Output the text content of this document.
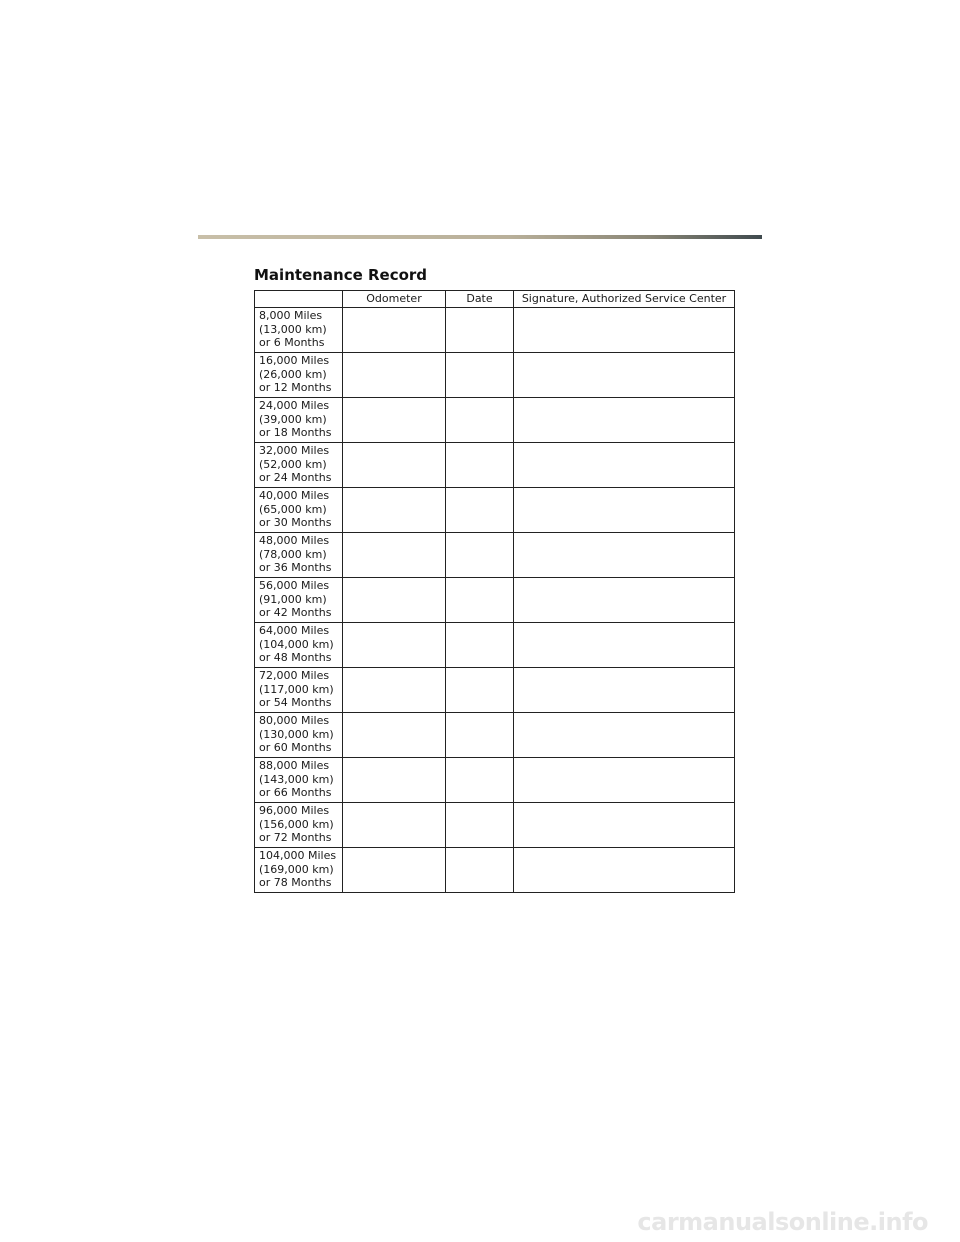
Maintenance Record
	Odometer	Date	Signature, Authorized Service Center

8,000 Miles
(13,000 km)
or 6 Months			

16,000 Miles
(26,000 km)
or 12 Months			

24,000 Miles
(39,000 km)
or 18 Months			

32,000 Miles
(52,000 km)
or 24 Months			

40,000 Miles
(65,000 km)
or 30 Months			

48,000 Miles
(78,000 km)
or 36 Months			

56,000 Miles
(91,000 km)
or 42 Months			

64,000 Miles
(104,000 km)
or 48 Months			

72,000 Miles
(117,000 km)
or 54 Months			

80,000 Miles
(130,000 km)
or 60 Months			

88,000 Miles
(143,000 km)
or 66 Months			

96,000 Miles
(156,000 km)
or 72 Months			

104,000 Miles
(169,000 km)
or 78 Months			

carmanualsonline.info
